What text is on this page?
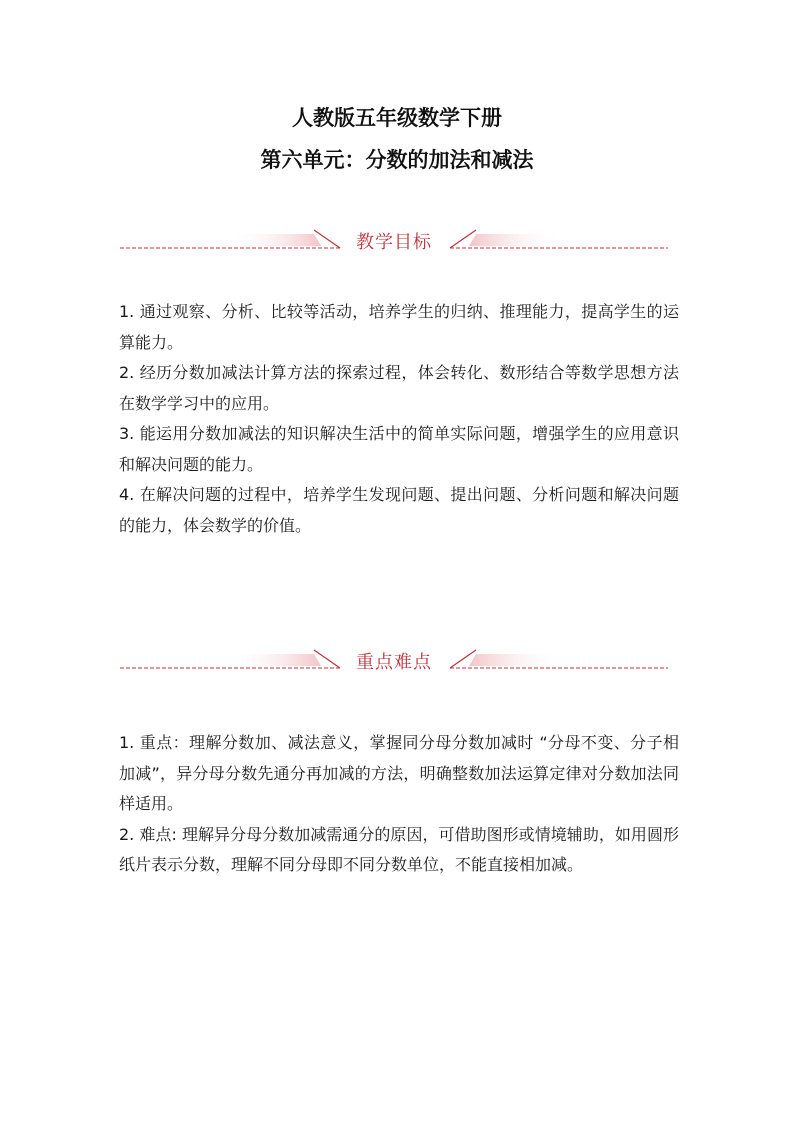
人教版五年级数学下册
第六单元：分数的加法和减法
教学目标

1. 通过观察、分析、比较等活动，培养学生的归纳、推理能力，提高学生的运算能力。

2. 经历分数加减法计算方法的探索过程，体会转化、数形结合等数学思想方法在数学学习中的应用。

3. 能运用分数加减法的知识解决生活中的简单实际问题，增强学生的应用意识和解决问题的能力。

4. 在解决问题的过程中，培养学生发现问题、提出问题、分析问题和解决问题的能力，体会数学的价值。

重点难点

1. 重点：理解分数加、减法意义，掌握同分母分数加减时 “分母不变、分子相加减”，异分母分数先通分再加减的方法，明确整数加法运算定律对分数加法同样适用。

2. 难点: 理解异分母分数加减需通分的原因，可借助图形或情境辅助，如用圆形纸片表示分数，理解不同分母即不同分数单位，不能直接相加减。
